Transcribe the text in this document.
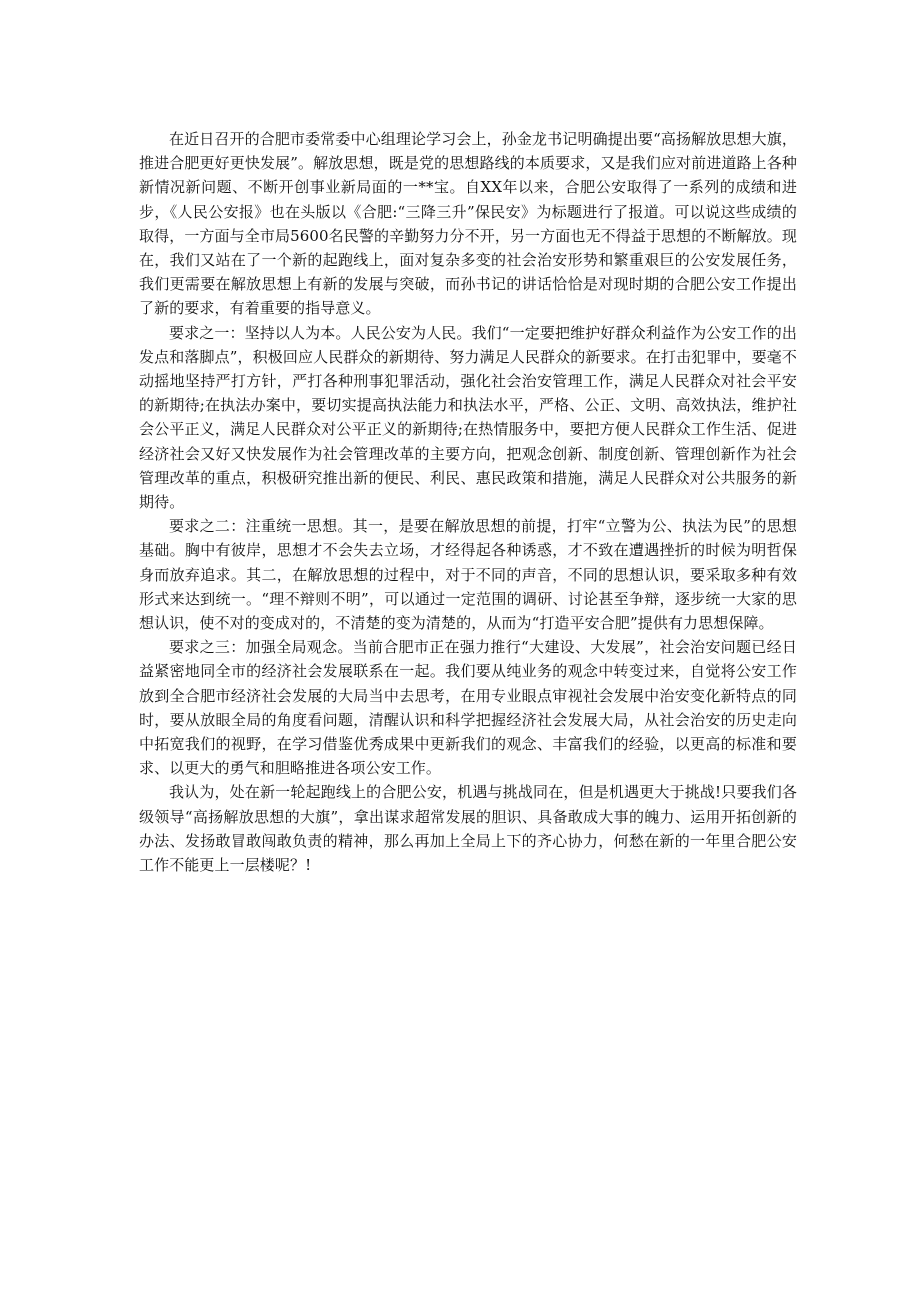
在近日召开的合肥市委常委中心组理论学习会上，孙金龙书记明确提出要“高扬解放思想大旗，推进合肥更好更快发展”。解放思想，既是党的思想路线的本质要求，又是我们应对前进道路上各种新情况新问题、不断开创事业新局面的一**宝。自XX年以来，合肥公安取得了一系列的成绩和进步，《人民公安报》也在头版以《合肥:“三降三升”保民安》为标题进行了报道。可以说这些成绩的取得，一方面与全市局5600名民警的辛勤努力分不开，另一方面也无不得益于思想的不断解放。现在，我们又站在了一个新的起跑线上，面对复杂多变的社会治安形势和繁重艰巨的公安发展任务，我们更需要在解放思想上有新的发展与突破，而孙书记的讲话恰恰是对现时期的合肥公安工作提出了新的要求，有着重要的指导意义。

要求之一：坚持以人为本。人民公安为人民。我们“一定要把维护好群众利益作为公安工作的出发点和落脚点”，积极回应人民群众的新期待、努力满足人民群众的新要求。在打击犯罪中，要毫不动摇地坚持严打方针，严打各种刑事犯罪活动，强化社会治安管理工作，满足人民群众对社会平安的新期待;在执法办案中，要切实提高执法能力和执法水平，严格、公正、文明、高效执法，维护社会公平正义，满足人民群众对公平正义的新期待;在热情服务中，要把方便人民群众工作生活、促进经济社会又好又快发展作为社会管理改革的主要方向，把观念创新、制度创新、管理创新作为社会管理改革的重点，积极研究推出新的便民、利民、惠民政策和措施，满足人民群众对公共服务的新期待。

要求之二：注重统一思想。其一，是要在解放思想的前提，打牢“立警为公、执法为民”的思想基础。胸中有彼岸，思想才不会失去立场，才经得起各种诱惑，才不致在遭遇挫折的时候为明哲保身而放弃追求。其二，在解放思想的过程中，对于不同的声音，不同的思想认识，要采取多种有效形式来达到统一。“理不辩则不明”，可以通过一定范围的调研、讨论甚至争辩，逐步统一大家的思想认识，使不对的变成对的，不清楚的变为清楚的，从而为“打造平安合肥”提供有力思想保障。

要求之三：加强全局观念。当前合肥市正在强力推行“大建设、大发展”，社会治安问题已经日益紧密地同全市的经济社会发展联系在一起。我们要从纯业务的观念中转变过来，自觉将公安工作放到全合肥市经济社会发展的大局当中去思考，在用专业眼点审视社会发展中治安变化新特点的同时，要从放眼全局的角度看问题，清醒认识和科学把握经济社会发展大局，从社会治安的历史走向中拓宽我们的视野，在学习借鉴优秀成果中更新我们的观念、丰富我们的经验，以更高的标准和要求、以更大的勇气和胆略推进各项公安工作。

我认为，处在新一轮起跑线上的合肥公安，机遇与挑战同在，但是机遇更大于挑战!只要我们各级领导“高扬解放思想的大旗”，拿出谋求超常发展的胆识、具备敢成大事的魄力、运用开拓创新的办法、发扬敢冒敢闯敢负责的精神，那么再加上全局上下的齐心协力，何愁在新的一年里合肥公安工作不能更上一层楼呢？!
